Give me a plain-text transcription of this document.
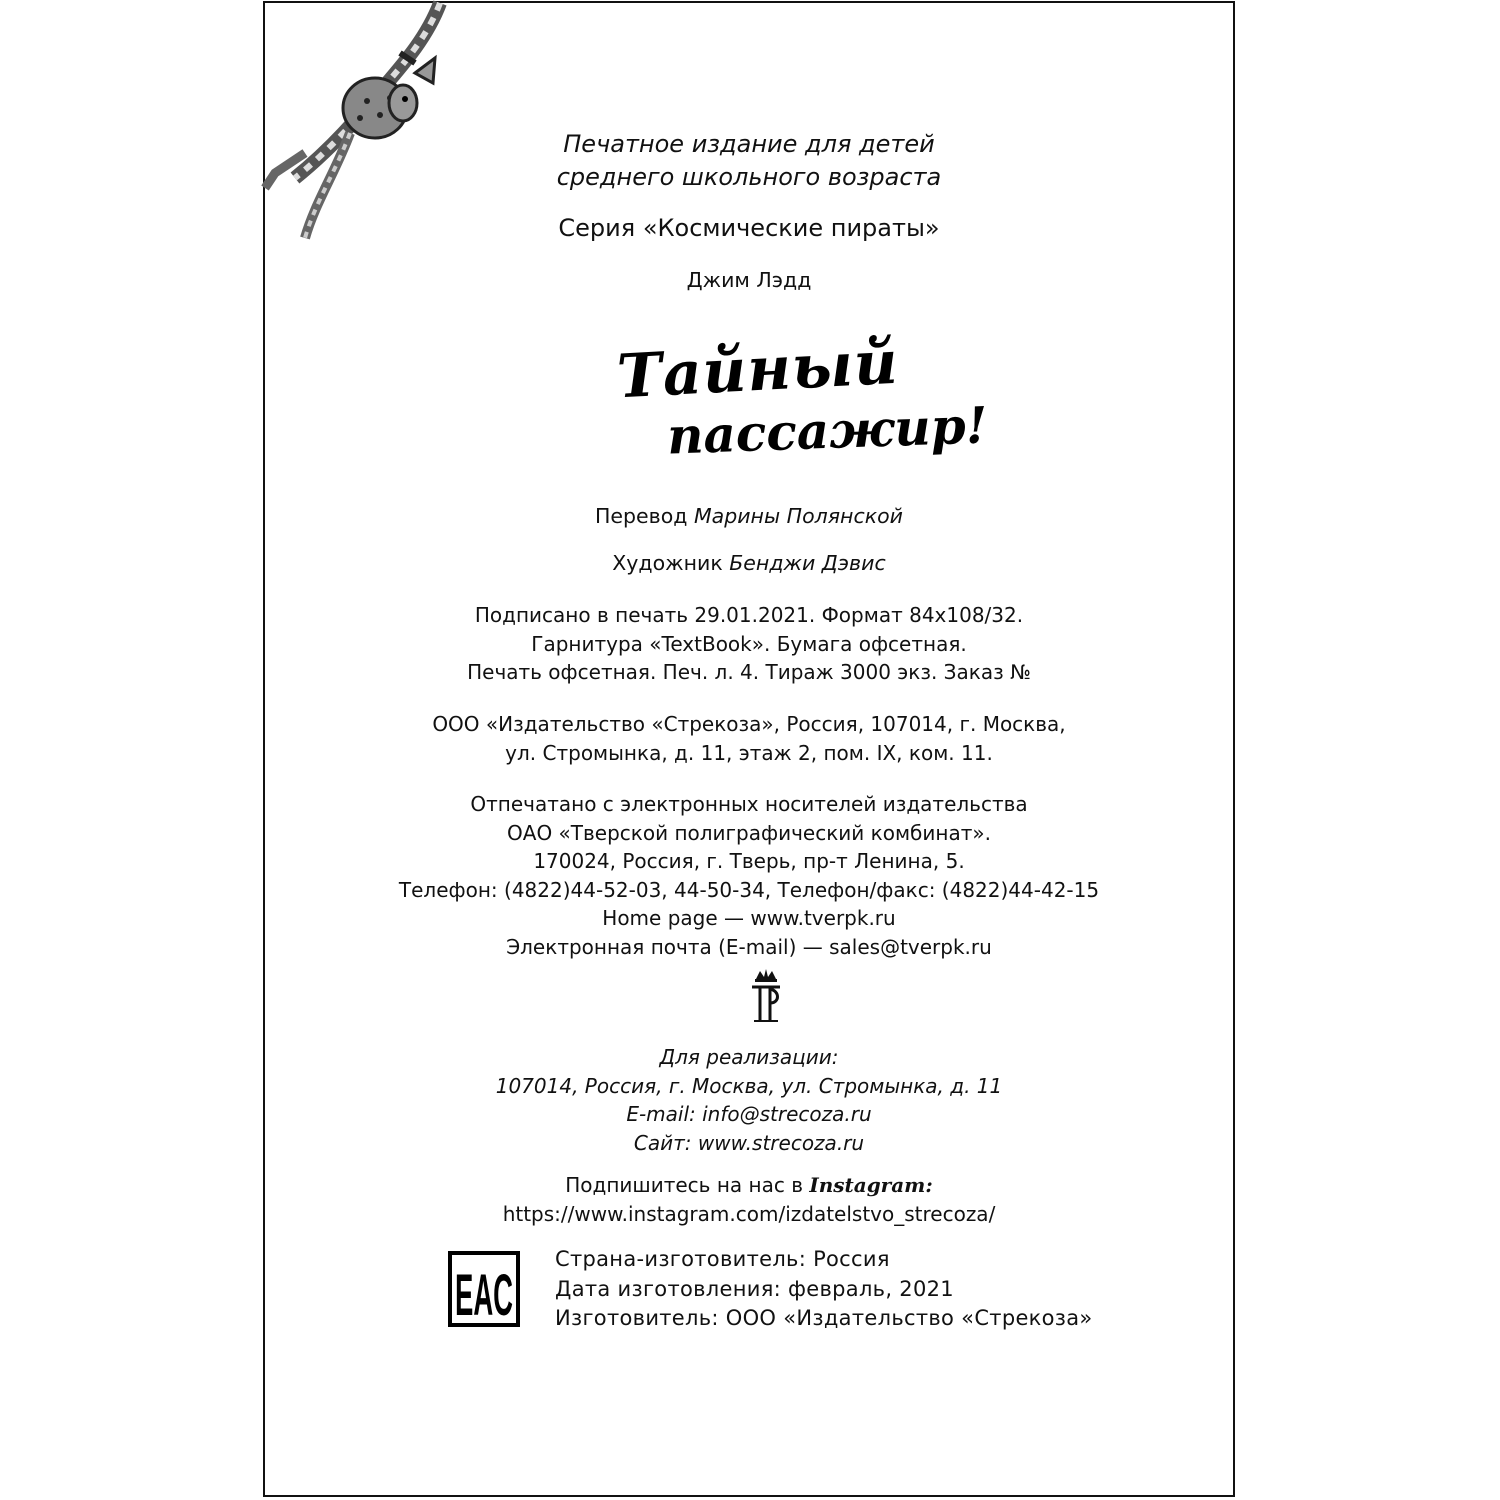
Печатное издание для детей
среднего школьного возраста
Серия «Космические пираты»
Джим Лэдд
Тайный
пассажир!
Перевод Марины Полянской
Художник Бенджи Дэвис
Подписано в печать 29.01.2021. Формат 84х108/32.
Гарнитура «TextBook». Бумага офсетная.
Печать офсетная. Печ. л. 4. Тираж 3000 экз. Заказ №
ООО «Издательство «Стрекоза», Россия, 107014, г. Москва,
ул. Стромынка, д. 11, этаж 2, пом. IX, ком. 11.
Отпечатано с электронных носителей издательства
ОАО «Тверской полиграфический комбинат».
170024, Россия, г. Тверь, пр-т Ленина, 5.
Телефон: (4822)44-52-03, 44-50-34, Телефон/факс: (4822)44-42-15
Home page — www.tverpk.ru
Электронная почта (E-mail) — sales@tverpk.ru
Для реализации:
107014, Россия, г. Москва, ул. Стромынка, д. 11
E-mail: info@strecoza.ru
Сайт: www.strecoza.ru
Подпишитесь на нас в Instagram:
https://www.instagram.com/izdatelstvo_strecoza/
EAC
Страна-изготовитель: Россия
Дата изготовления: февраль, 2021
Изготовитель: ООО «Издательство «Стрекоза»
